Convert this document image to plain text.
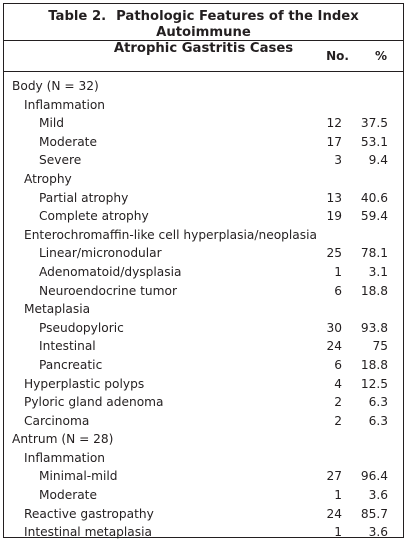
Table 2. Pathologic Features of the Index Autoimmune
Atrophic Gastritis Cases	No. %
Body (N = 32)
Inflammation
Mild	12 37.5
Moderate	17 53.1
Severe	3 9.4
Atrophy
Partial atrophy	13 40.6
Complete atrophy	19 59.4
Enterochromaffin-like cell hyperplasia/neoplasia
Linear/micronodular	25 78.1
Adenomatoid/dysplasia	1 3.1
Neuroendocrine tumor	6 18.8
Metaplasia
Pseudopyloric	30 93.8
Intestinal	24 75
Pancreatic	6 18.8
Hyperplastic polyps	4 12.5
Pyloric gland adenoma	2 6.3
Carcinoma	2 6.3
Antrum (N = 28)
Inflammation
Minimal-mild	27 96.4
Moderate	1 3.6
Reactive gastropathy	24 85.7
Intestinal metaplasia	1 3.6
